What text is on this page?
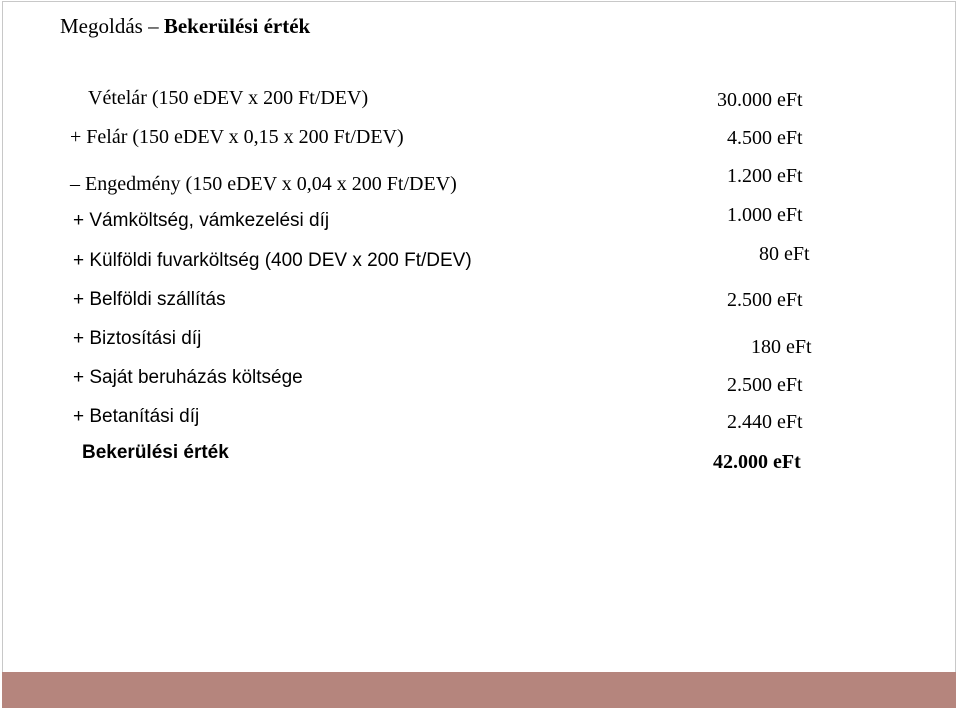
Megoldás – Bekerülési érték
Vételár (150 eDEV x 200 Ft/DEV)
+ Felár (150 eDEV x 0,15 x 200 Ft/DEV)
– Engedmény (150 eDEV x 0,04 x 200 Ft/DEV)
+ Vámköltség, vámkezelési díj
+ Külföldi fuvarköltség (400 DEV x 200 Ft/DEV)
+ Belföldi szállítás
+ Biztosítási díj
+ Saját beruházás költsége
+ Betanítási díj
Bekerülési érték
30.000 eFt
4.500 eFt
1.200 eFt
1.000 eFt
80 eFt
2.500 eFt
180 eFt
2.500 eFt
2.440 eFt
42.000 eFt
